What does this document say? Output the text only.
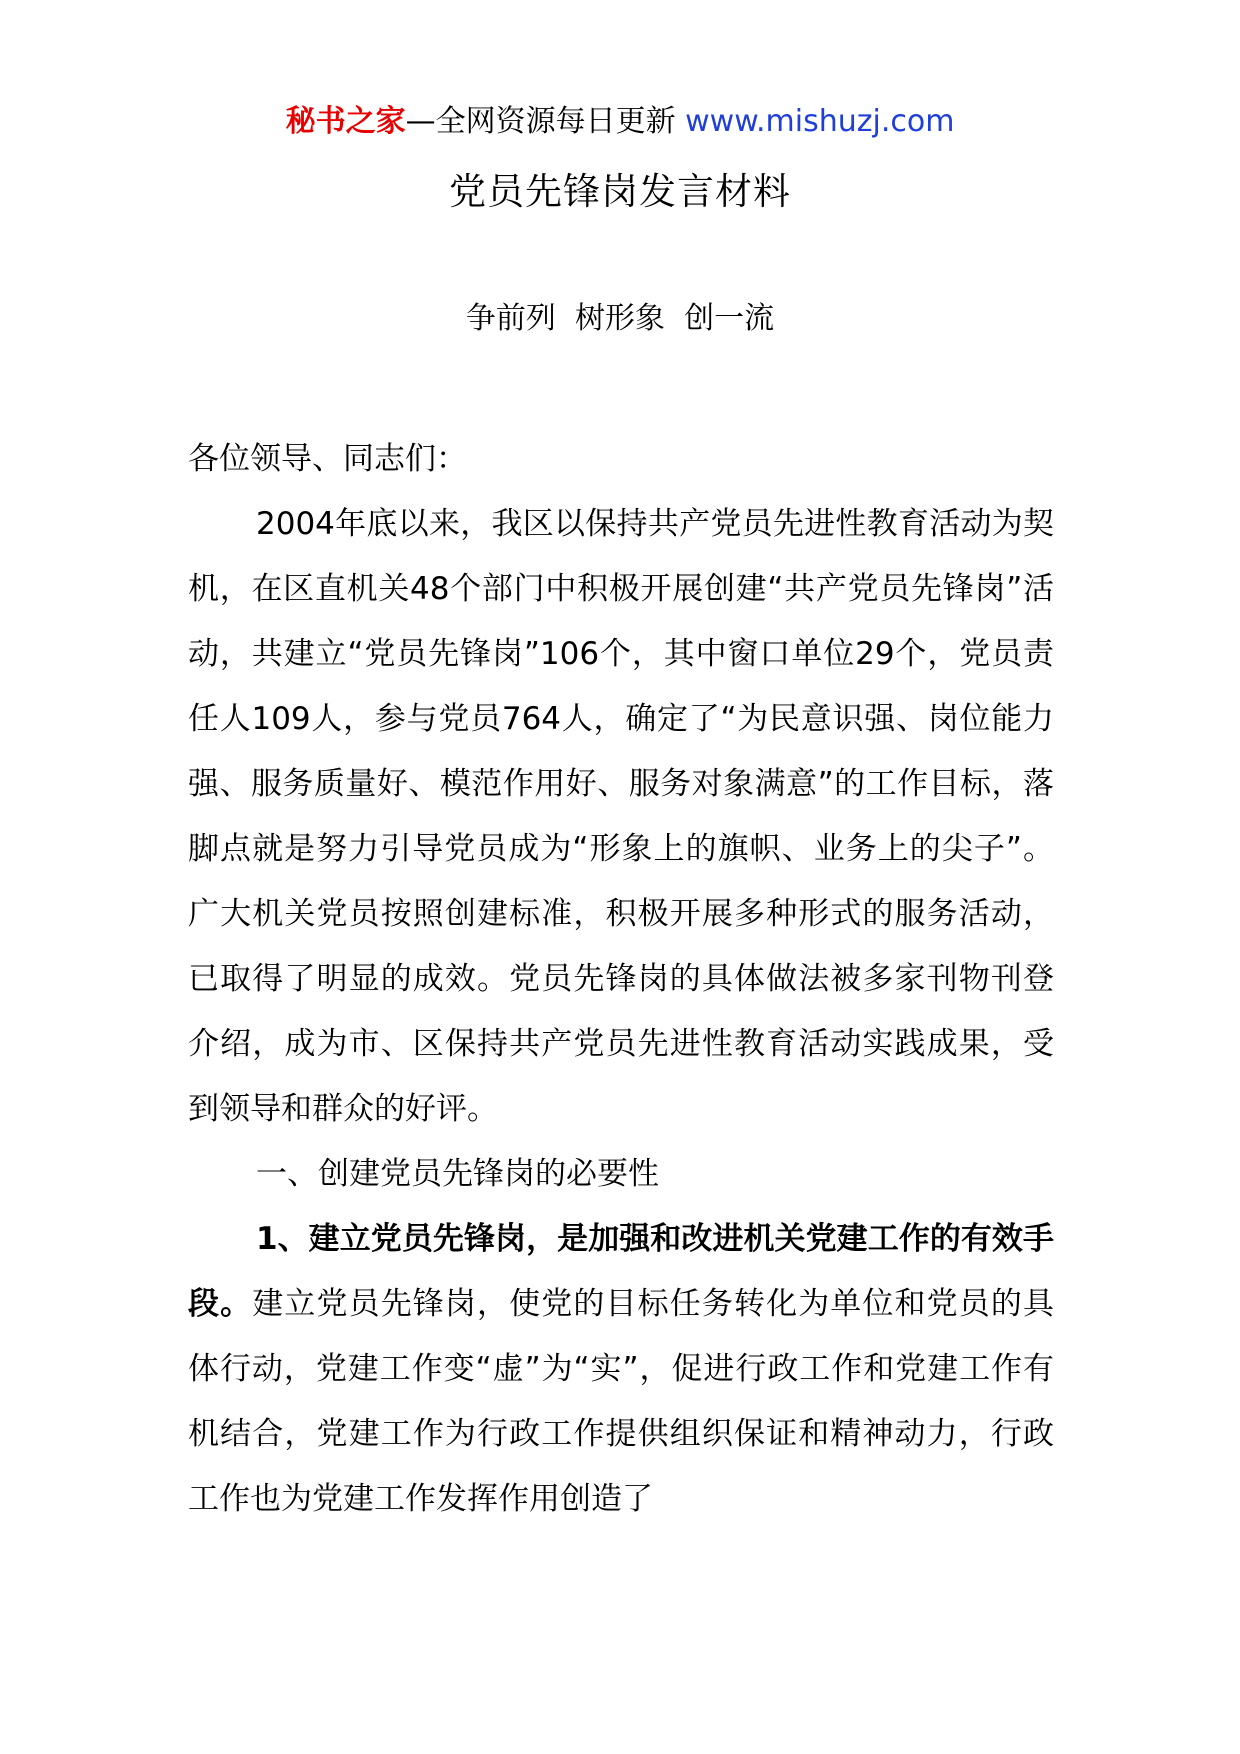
秘书之家—全网资源每日更新 www.mishuzj.com
党员先锋岗发言材料
争前列  树形象  创一流

各位领导、同志们：

2004年底以来，我区以保持共产党员先进性教育活动为契机，在区直机关48个部门中积极开展创建“共产党员先锋岗”活动，共建立“党员先锋岗”106个，其中窗口单位29个，党员责任人109人，参与党员764人，确定了“为民意识强、岗位能力强、服务质量好、模范作用好、服务对象满意”的工作目标，落脚点就是努力引导党员成为“形象上的旗帜、业务上的尖子”。广大机关党员按照创建标准，积极开展多种形式的服务活动，已取得了明显的成效。党员先锋岗的具体做法被多家刊物刊登介绍，成为市、区保持共产党员先进性教育活动实践成果，受到领导和群众的好评。

一、创建党员先锋岗的必要性

1、建立党员先锋岗，是加强和改进机关党建工作的有效手段。建立党员先锋岗，使党的目标任务转化为单位和党员的具体行动，党建工作变“虚”为“实”，促进行政工作和党建工作有机结合，党建工作为行政工作提供组织保证和精神动力，行政工作也为党建工作发挥作用创造了
